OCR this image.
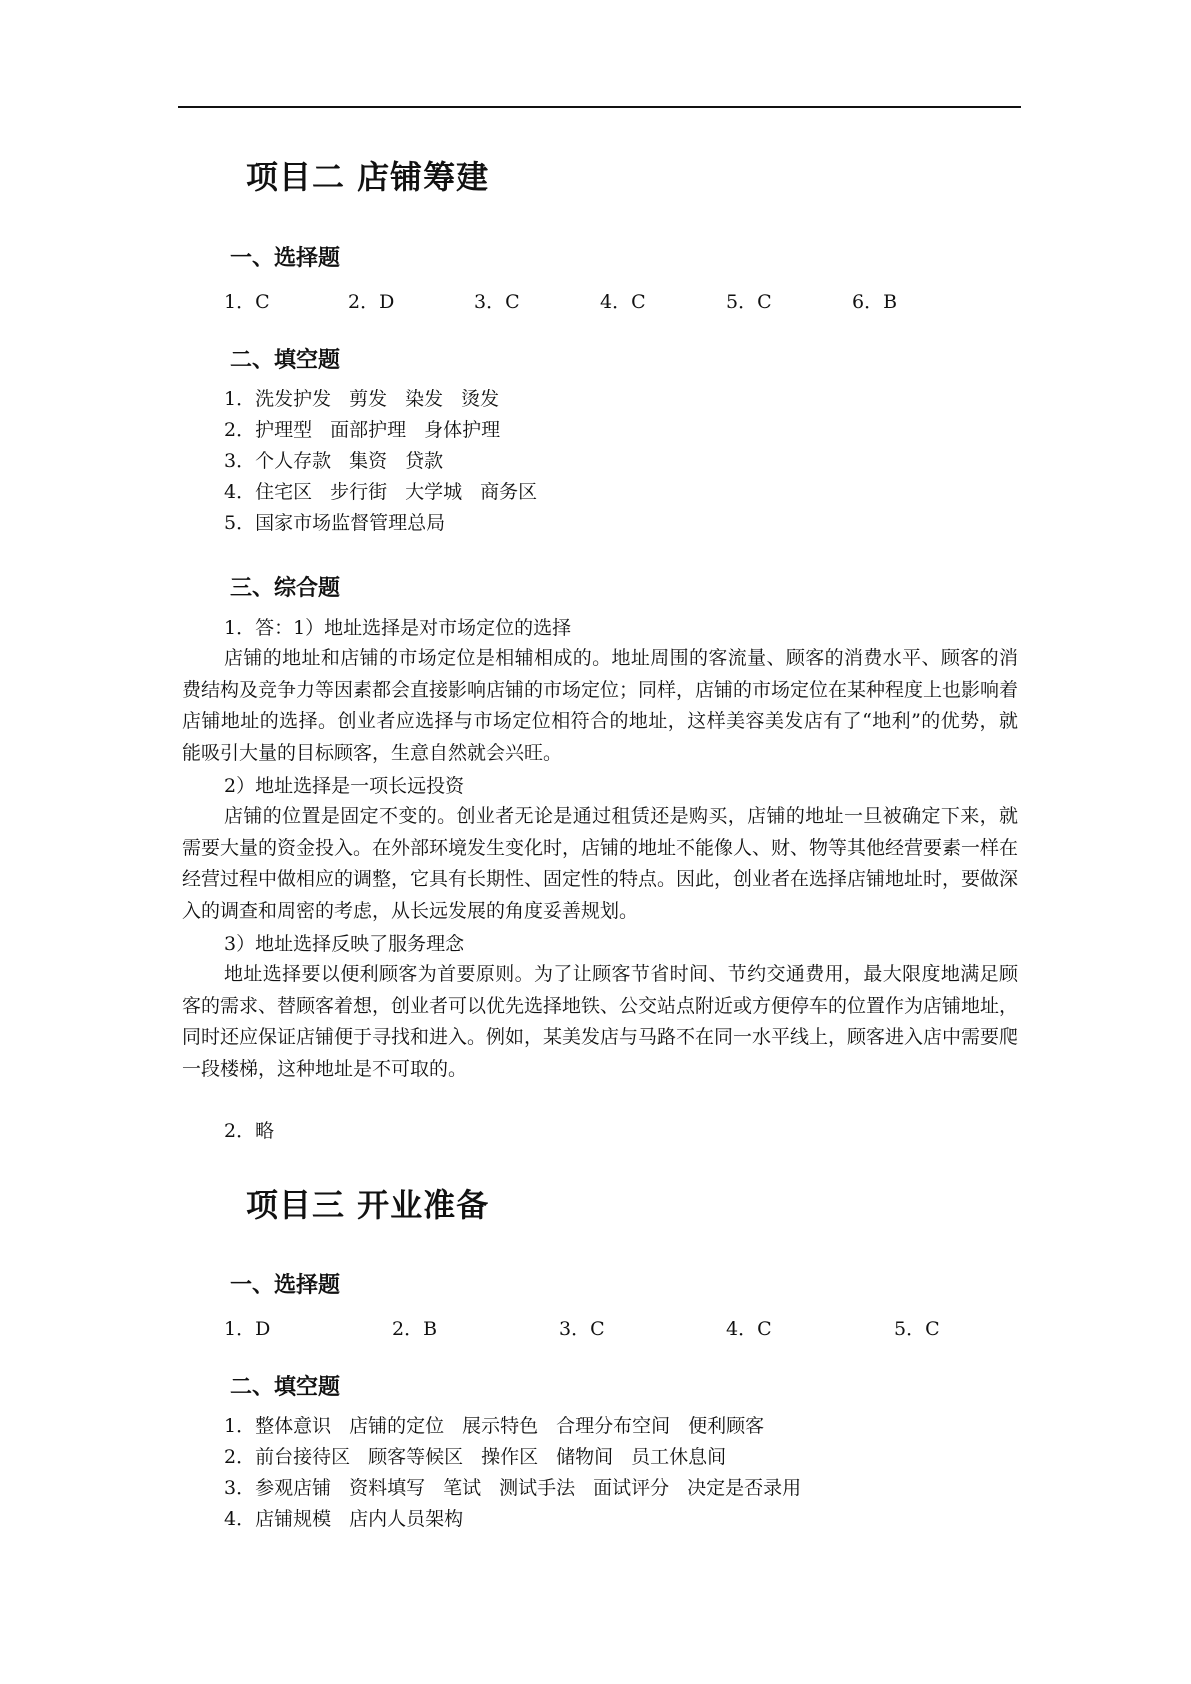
项目二 店铺筹建
一、选择题
1．C	2．D	3．C	4．C	5．C	6．B
二、填空题
1．洗发护发 剪发 染发 烫发
2．护理型 面部护理 身体护理
3．个人存款 集资 贷款
4．住宅区 步行街 大学城 商务区
5．国家市场监督管理总局
三、综合题
1．答：1）地址选择是对市场定位的选择

店铺的地址和店铺的市场定位是相辅相成的。地址周围的客流量、顾客的消费水平、顾客的消费结构及竞争力等因素都会直接影响店铺的市场定位；同样，店铺的市场定位在某种程度上也影响着店铺地址的选择。创业者应选择与市场定位相符合的地址，这样美容美发店有了“地利”的优势，就能吸引大量的目标顾客，生意自然就会兴旺。

2）地址选择是一项长远投资

店铺的位置是固定不变的。创业者无论是通过租赁还是购买，店铺的地址一旦被确定下来，就需要大量的资金投入。在外部环境发生变化时，店铺的地址不能像人、财、物等其他经营要素一样在经营过程中做相应的调整，它具有长期性、固定性的特点。因此，创业者在选择店铺地址时，要做深入的调查和周密的考虑，从长远发展的角度妥善规划。

3）地址选择反映了服务理念

地址选择要以便利顾客为首要原则。为了让顾客节省时间、节约交通费用，最大限度地满足顾客的需求、替顾客着想，创业者可以优先选择地铁、公交站点附近或方便停车的位置作为店铺地址，同时还应保证店铺便于寻找和进入。例如，某美发店与马路不在同一水平线上，顾客进入店中需要爬一段楼梯，这种地址是不可取的。

2．略
项目三 开业准备
一、选择题
1．D	2．B	3．C	4．C	5．C
二、填空题
1．整体意识 店铺的定位 展示特色 合理分布空间 便利顾客
2．前台接待区 顾客等候区 操作区 储物间 员工休息间
3．参观店铺 资料填写 笔试 测试手法 面试评分 决定是否录用
4．店铺规模 店内人员架构
